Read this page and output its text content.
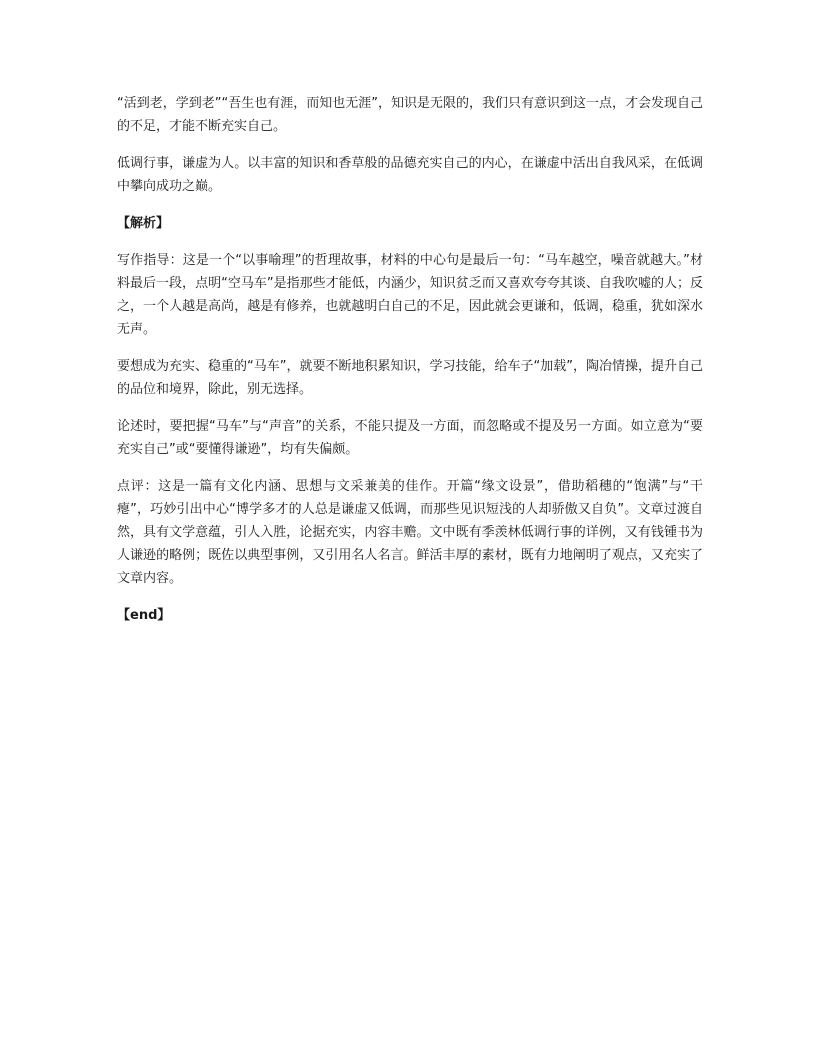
“活到老，学到老”“吾生也有涯，而知也无涯”，知识是无限的，我们只有意识到这一点，才会发现自己的不足，才能不断充实自己。

低调行事，谦虚为人。以丰富的知识和香草般的品德充实自己的内心，在谦虚中活出自我风采，在低调中攀向成功之巅。

【解析】

写作指导：这是一个“以事喻理”的哲理故事，材料的中心句是最后一句：“马车越空，噪音就越大。”材料最后一段，点明“空马车”是指那些才能低，内涵少，知识贫乏而又喜欢夸夸其谈、自我吹嘘的人；反之，一个人越是高尚，越是有修养，也就越明白自己的不足，因此就会更谦和，低调，稳重，犹如深水无声。

要想成为充实、稳重的“马车”，就要不断地积累知识，学习技能，给车子“加载”，陶冶情操，提升自己的品位和境界，除此，别无选择。

论述时，要把握“马车”与“声音”的关系，不能只提及一方面，而忽略或不提及另一方面。如立意为“要充实自己”或“要懂得谦逊”，均有失偏颇。

点评：这是一篇有文化内涵、思想与文采兼美的佳作。开篇“缘文设景”，借助稻穗的“饱满”与“干瘪”，巧妙引出中心“博学多才的人总是谦虚又低调，而那些见识短浅的人却骄傲又自负”。文章过渡自然，具有文学意蕴，引人入胜，论据充实，内容丰赡。文中既有季羡林低调行事的详例，又有钱锺书为人谦逊的略例；既佐以典型事例，又引用名人名言。鲜活丰厚的素材，既有力地阐明了观点，又充实了文章内容。

【end】
